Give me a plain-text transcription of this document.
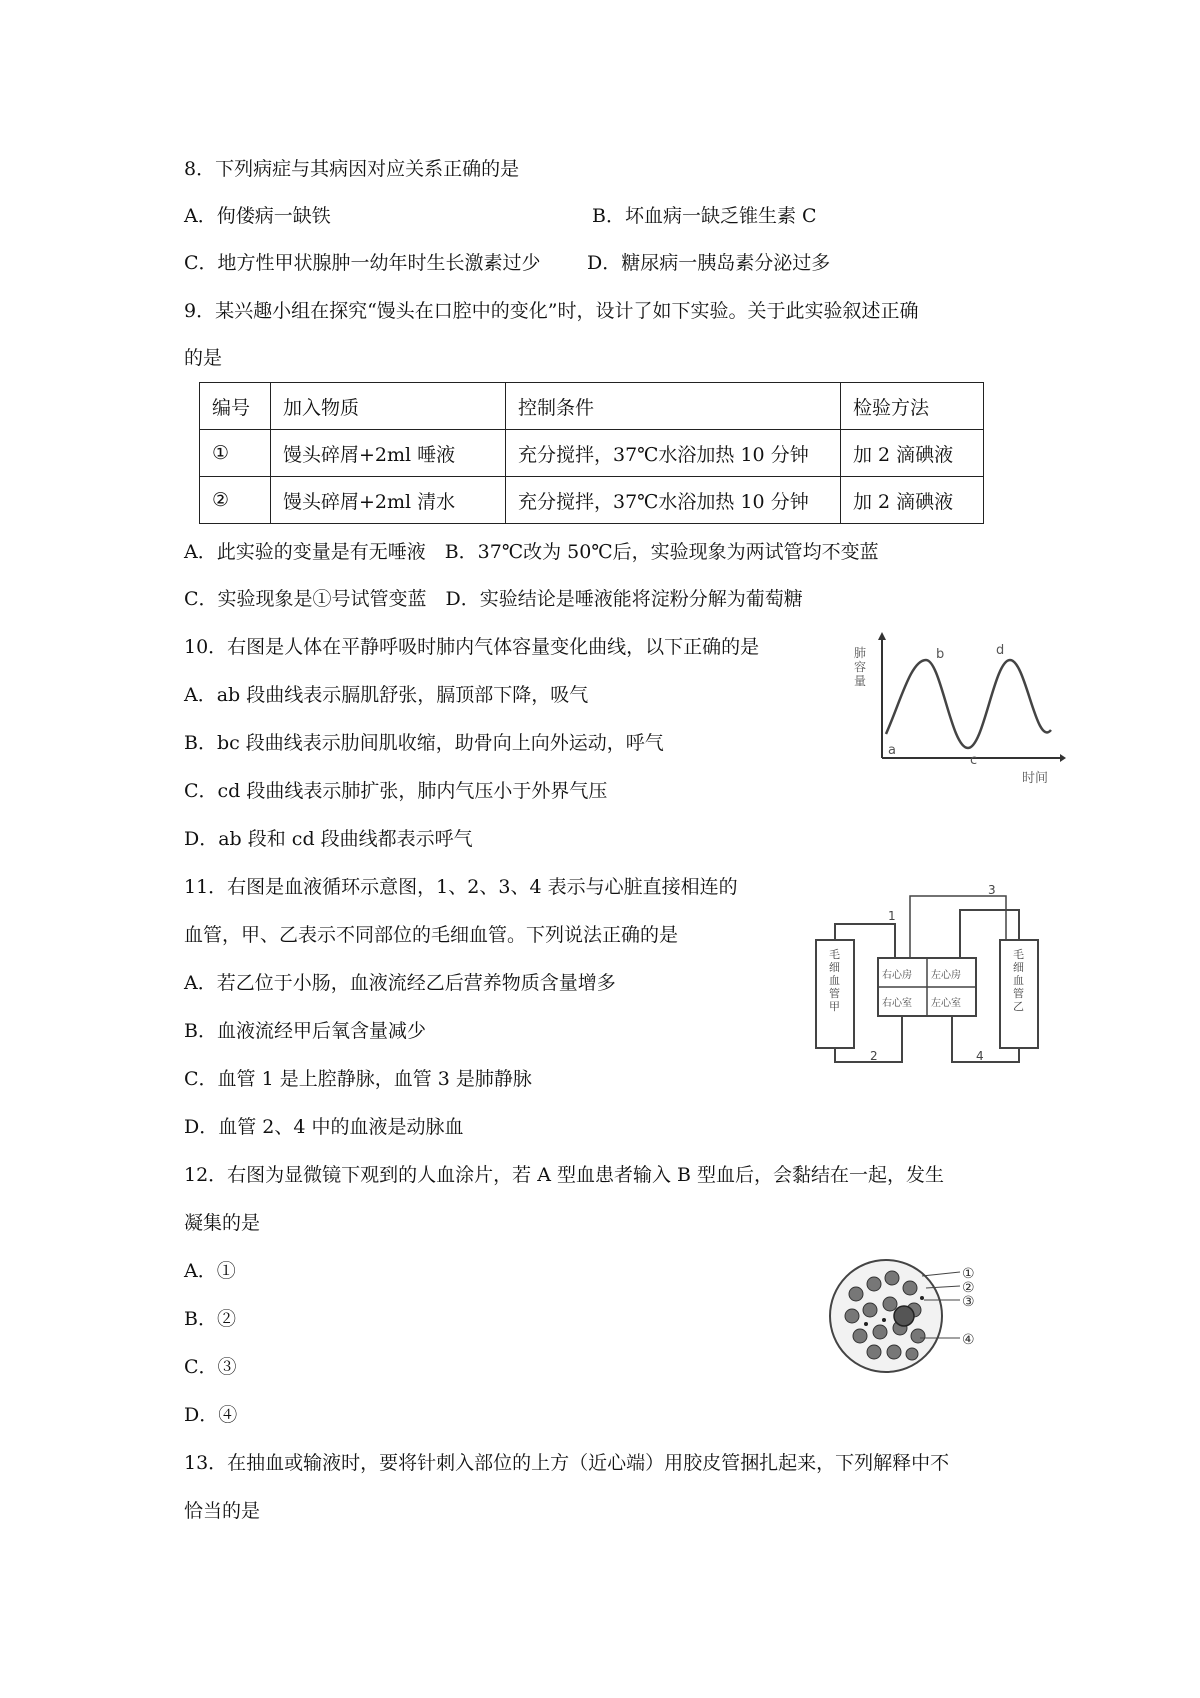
8．下列病症与其病因对应关系正确的是
A．佝偻病一缺铁	B．坏血病一缺乏锥生素 C
C．地方性甲状腺肿一幼年时生长激素过少 D．糖尿病一胰岛素分泌过多
9．某兴趣小组在探究“馒头在口腔中的变化”时，设计了如下实验。关于此实验叙述正确
的是
编号	加入物质	控制条件	检验方法
①	馒头碎屑+2ml 唾液	充分搅拌，37℃水浴加热 10 分钟	加 2 滴碘液
②	馒头碎屑+2ml 清水	充分搅拌，37℃水浴加热 10 分钟	加 2 滴碘液
A．此实验的变量是有无唾液　B．37℃改为 50℃后，实验现象为两试管均不变蓝
C．实验现象是①号试管变蓝　D．实验结论是唾液能将淀粉分解为葡萄糖
10．右图是人体在平静呼吸时肺内气体容量变化曲线，以下正确的是
A．ab 段曲线表示膈肌舒张，膈顶部下降，吸气
B．bc 段曲线表示肋间肌收缩，助骨向上向外运动，呼气
C．cd 段曲线表示肺扩张，肺内气压小于外界气压
D．ab 段和 cd 段曲线都表示呼气
a
b
c
d
时间
肺容量
11．右图是血液循环示意图，1、2、3、4 表示与心脏直接相连的
血管，甲、乙表示不同部位的毛细血管。下列说法正确的是
A．若乙位于小肠，血液流经乙后营养物质含量增多
B．血液流经甲后氧含量减少
C．血管 1 是上腔静脉，血管 3 是肺静脉
D．血管 2、4 中的血液是动脉血
1
2
3
4
右心房 左心房
右心室 左心室
毛细血管甲
毛细血管乙
12．右图为显微镜下观到的人血涂片，若 A 型血患者输入 B 型血后，会黏结在一起，发生
凝集的是
A．①
B．②
C．③
D．④
①
②
③
④
13．在抽血或输液时，要将针刺入部位的上方（近心端）用胶皮管捆扎起来，下列解释中不
恰当的是
